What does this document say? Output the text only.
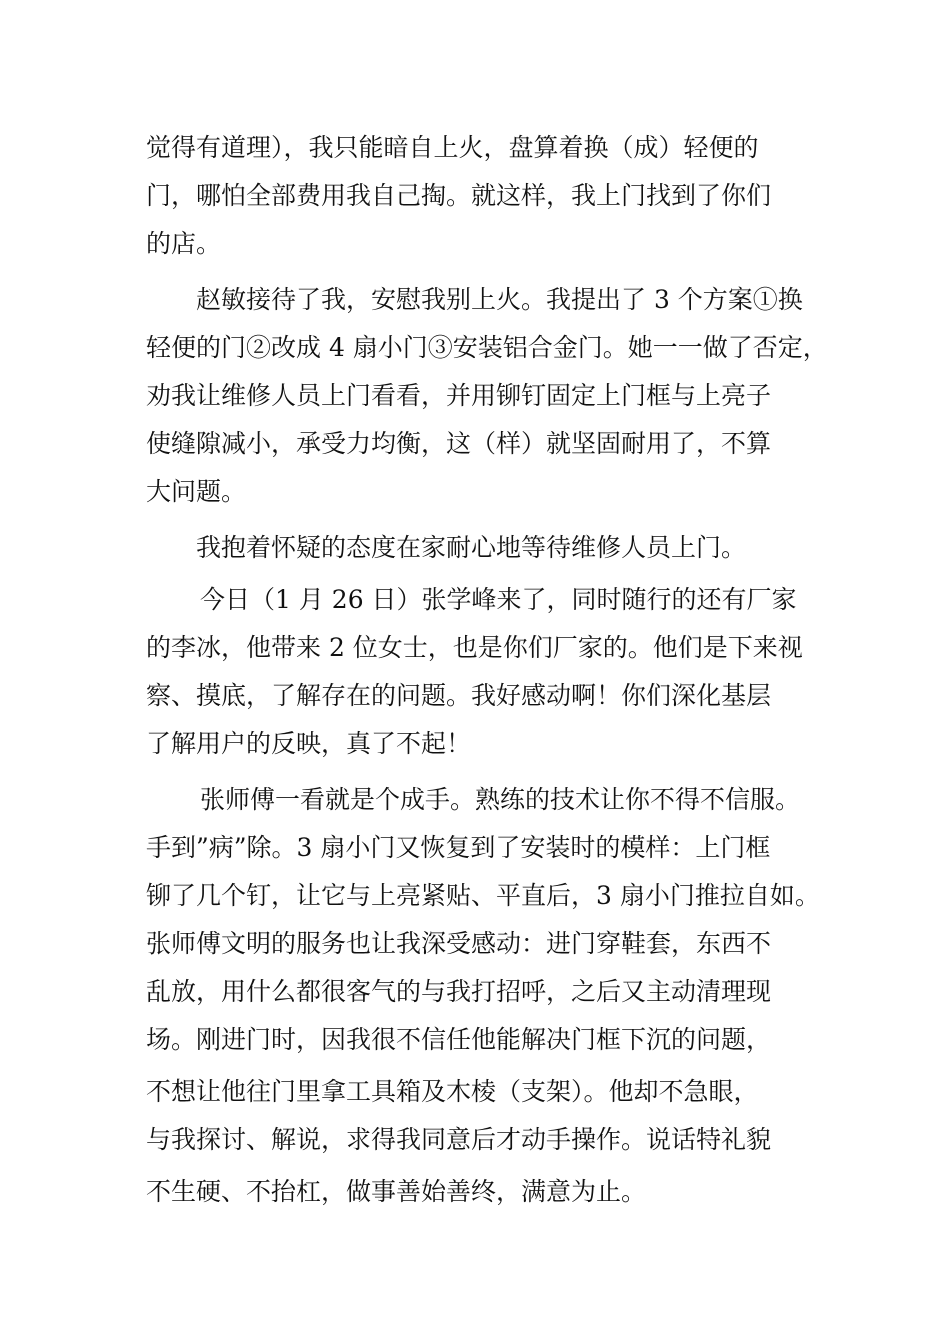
觉得有道理），我只能暗自上火，盘算着换（成）轻便的
门，哪怕全部费用我自己掏。就这样，我上门找到了你们
的店。
赵敏接待了我，安慰我别上火。我提出了 3 个方案①换
轻便的门②改成 4 扇小门③安装铝合金门。她一一做了否定，
劝我让维修人员上门看看，并用铆钉固定上门框与上亮子
使缝隙减小，承受力均衡，这（样）就坚固耐用了，不算
大问题。
我抱着怀疑的态度在家耐心地等待维修人员上门。
今日（1 月 26 日）张学峰来了，同时随行的还有厂家
的李冰，他带来 2 位女士，也是你们厂家的。他们是下来视
察、摸底，了解存在的问题。我好感动啊！你们深化基层
了解用户的反映，真了不起！
张师傅一看就是个成手。熟练的技术让你不得不信服。
手到”病”除。3 扇小门又恢复到了安装时的模样：上门框
铆了几个钉，让它与上亮紧贴、平直后，3 扇小门推拉自如。
张师傅文明的服务也让我深受感动：进门穿鞋套，东西不
乱放，用什么都很客气的与我打招呼，之后又主动清理现
场。刚进门时，因我很不信任他能解决门框下沉的问题，
不想让他往门里拿工具箱及木棱（支架）。他却不急眼，
与我探讨、解说，求得我同意后才动手操作。说话特礼貌
不生硬、不抬杠，做事善始善终，满意为止。
